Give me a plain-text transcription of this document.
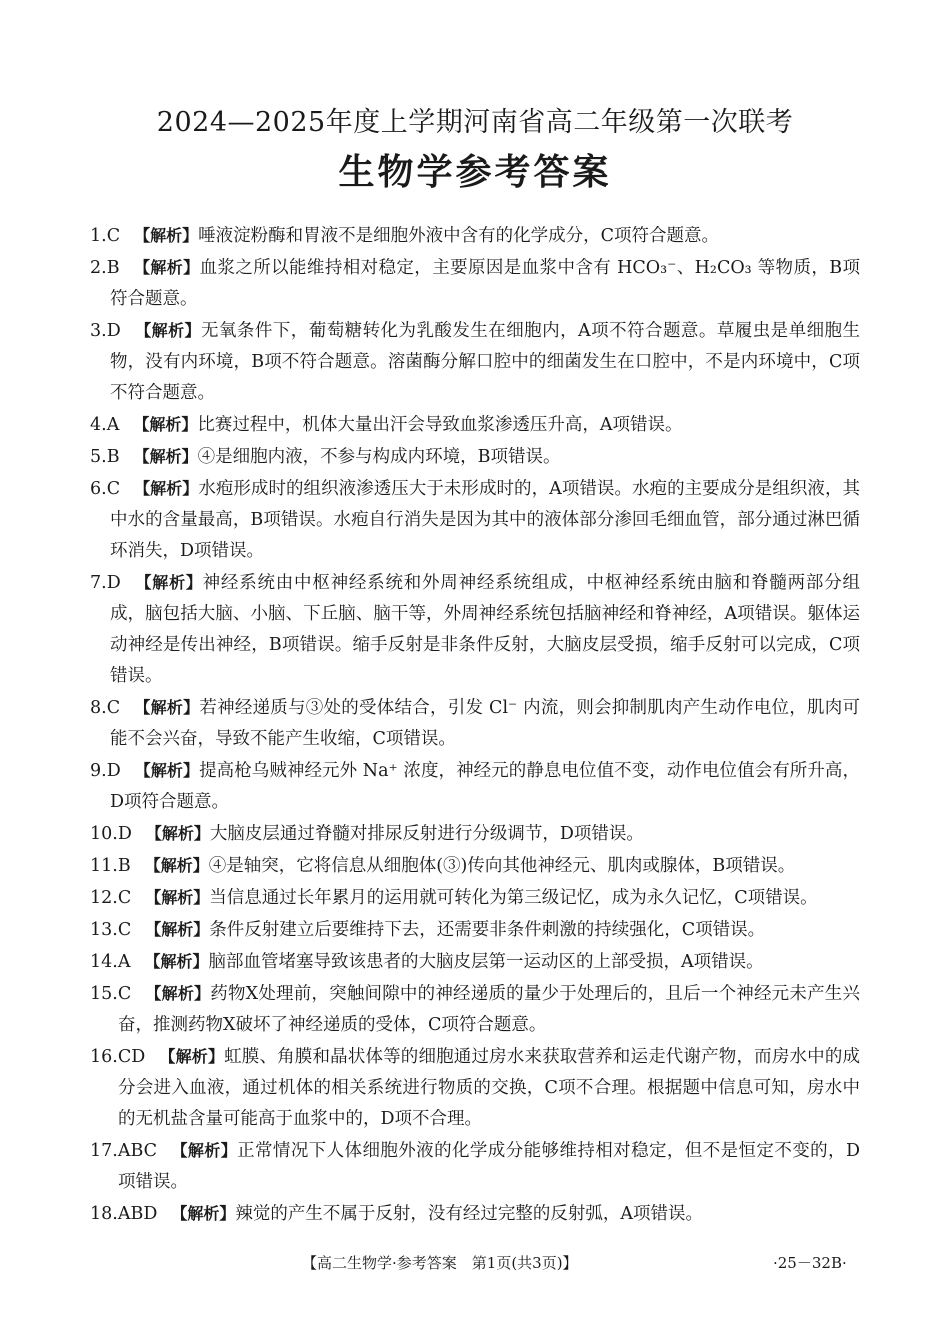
2024—2025年度上学期河南省高二年级第一次联考
生物学参考答案

1.C 【解析】唾液淀粉酶和胃液不是细胞外液中含有的化学成分，C项符合题意。

2.B 【解析】血浆之所以能维持相对稳定，主要原因是血浆中含有 HCO₃⁻、H₂CO₃ 等物质，B项符合题意。

3.D 【解析】无氧条件下，葡萄糖转化为乳酸发生在细胞内，A项不符合题意。草履虫是单细胞生物，没有内环境，B项不符合题意。溶菌酶分解口腔中的细菌发生在口腔中，不是内环境中，C项不符合题意。

4.A 【解析】比赛过程中，机体大量出汗会导致血浆渗透压升高，A项错误。

5.B 【解析】④是细胞内液，不参与构成内环境，B项错误。

6.C 【解析】水疱形成时的组织液渗透压大于未形成时的，A项错误。水疱的主要成分是组织液，其中水的含量最高，B项错误。水疱自行消失是因为其中的液体部分渗回毛细血管，部分通过淋巴循环消失，D项错误。

7.D 【解析】神经系统由中枢神经系统和外周神经系统组成，中枢神经系统由脑和脊髓两部分组成，脑包括大脑、小脑、下丘脑、脑干等，外周神经系统包括脑神经和脊神经，A项错误。躯体运动神经是传出神经，B项错误。缩手反射是非条件反射，大脑皮层受损，缩手反射可以完成，C项错误。

8.C 【解析】若神经递质与③处的受体结合，引发 Cl⁻ 内流，则会抑制肌肉产生动作电位，肌肉可能不会兴奋，导致不能产生收缩，C项错误。

9.D 【解析】提高枪乌贼神经元外 Na⁺ 浓度，神经元的静息电位值不变，动作电位值会有所升高，D项符合题意。

10.D 【解析】大脑皮层通过脊髓对排尿反射进行分级调节，D项错误。

11.B 【解析】④是轴突，它将信息从细胞体(③)传向其他神经元、肌肉或腺体，B项错误。

12.C 【解析】当信息通过长年累月的运用就可转化为第三级记忆，成为永久记忆，C项错误。

13.C 【解析】条件反射建立后要维持下去，还需要非条件刺激的持续强化，C项错误。

14.A 【解析】脑部血管堵塞导致该患者的大脑皮层第一运动区的上部受损，A项错误。

15.C 【解析】药物X处理前，突触间隙中的神经递质的量少于处理后的，且后一个神经元未产生兴奋，推测药物X破坏了神经递质的受体，C项符合题意。

16.CD 【解析】虹膜、角膜和晶状体等的细胞通过房水来获取营养和运走代谢产物，而房水中的成分会进入血液，通过机体的相关系统进行物质的交换，C项不合理。根据题中信息可知，房水中的无机盐含量可能高于血浆中的，D项不合理。

17.ABC 【解析】正常情况下人体细胞外液的化学成分能够维持相对稳定，但不是恒定不变的，D项错误。

18.ABD 【解析】辣觉的产生不属于反射，没有经过完整的反射弧，A项错误。

【高二生物学·参考答案　第1页(共3页)】	·25－32B·
